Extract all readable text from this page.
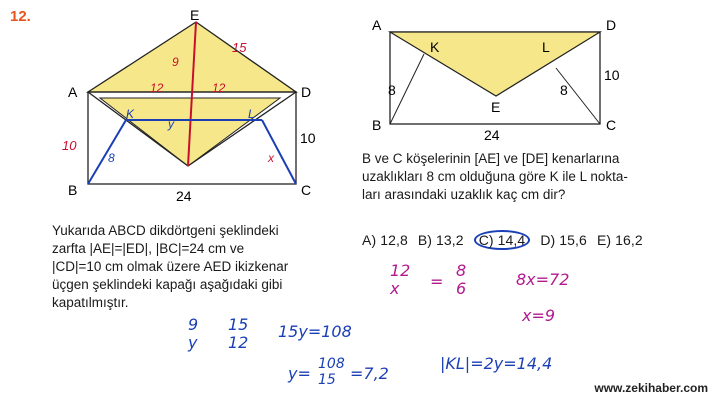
12.
A
E
D
B	C
24
10
10
15
12	12
9
y
8	x
K	L
A	D
B	C
E
K	L
8	8
10
24
B ve C köşelerinin [AE] ve [DE] kenarlarına
uzaklıkları 8 cm olduğuna göre K ile L nokta-
ları arasındaki uzaklık kaç cm dir?
Yukarıda ABCD dikdörtgeni şeklindeki
zarfta |AE|=|ED|, |BC|=24 cm ve
|CD|=10 cm olmak üzere AED ikizkenar
üçgen şeklindeki kapağı aşağıdaki gibi
kapatılmıştır.
A) 12,8 B) 13,2 C) 14,4 D) 15,6 E) 16,2
12
x	=
8
6	8x=72
x=9
9
y
15
12
15y=108
y= 108
15 =7,2
|KL|=2y=14,4
www.zekihaber.com
